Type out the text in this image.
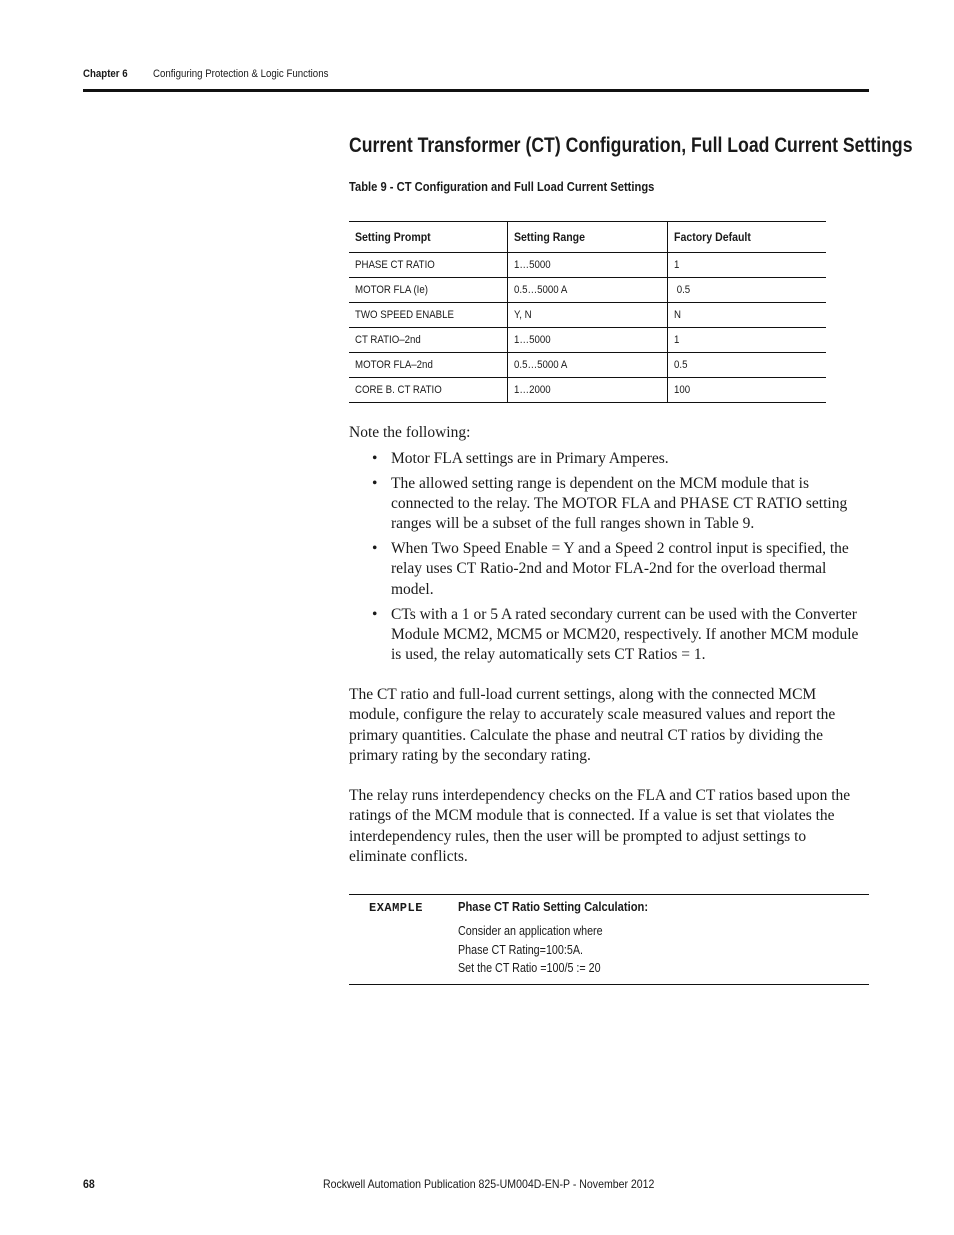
Chapter 6 Configuring Protection & Logic Functions
Current Transformer (CT) Configuration, Full Load Current Settings
Table 9 - CT Configuration and Full Load Current Settings
Setting Prompt	Setting Range	Factory Default
PHASE CT RATIO	1…5000	1
MOTOR FLA (Ie)	0.5…5000 A	0.5
TWO SPEED ENABLE	Y, N	N
CT RATIO–2nd	1…5000	1
MOTOR FLA–2nd	0.5…5000 A	0.5
CORE B. CT RATIO	1…2000	100
Note the following:
• Motor FLA settings are in Primary Amperes.
• The allowed setting range is dependent on the MCM module that is connected to the relay. The MOTOR FLA and PHASE CT RATIO setting ranges will be a subset of the full ranges shown in Table 9.
• When Two Speed Enable = Y and a Speed 2 control input is specified, the relay uses CT Ratio-2nd and Motor FLA-2nd for the overload thermal model.
• CTs with a 1 or 5 A rated secondary current can be used with the Converter Module MCM2, MCM5 or MCM20, respectively. If another MCM module is used, the relay automatically sets CT Ratios = 1.
The CT ratio and full-load current settings, along with the connected MCM module, configure the relay to accurately scale measured values and report the primary quantities. Calculate the phase and neutral CT ratios by dividing the primary rating by the secondary rating.
The relay runs interdependency checks on the FLA and CT ratios based upon the ratings of the MCM module that is connected. If a value is set that violates the interdependency rules, then the user will be prompted to adjust settings to eliminate conflicts.
EXAMPLE	Phase CT Ratio Setting Calculation:
Consider an application where
Phase CT Rating=100:5A.
Set the CT Ratio =100/5 := 20
68	Rockwell Automation Publication 825-UM004D-EN-P - November 2012
